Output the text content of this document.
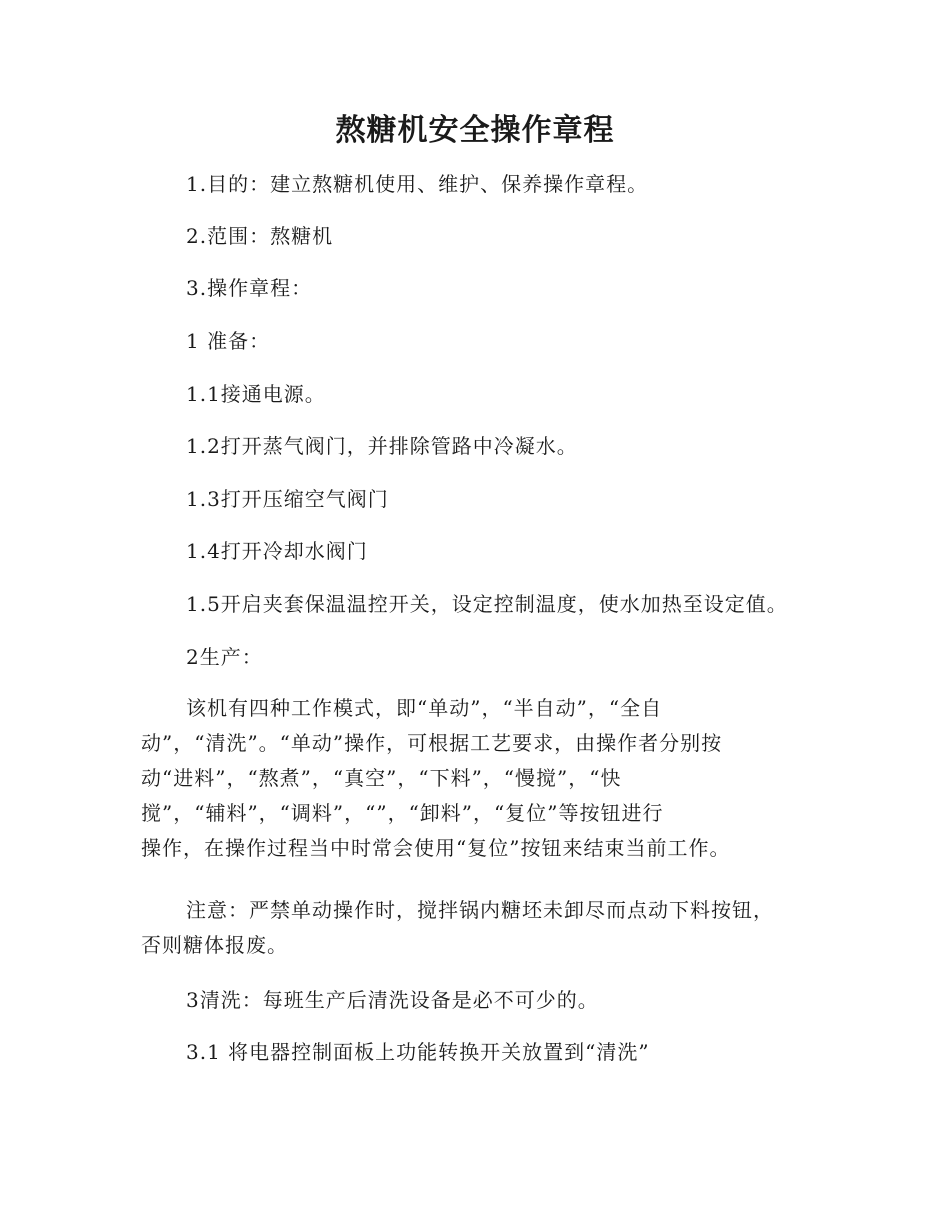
熬糖机安全操作章程
1.目的：建立熬糖机使用、维护、保养操作章程。
2.范围：熬糖机
3.操作章程：
1 准备：
1.1接通电源。
1.2打开蒸气阀门，并排除管路中冷凝水。
1.3打开压缩空气阀门
1.4打开冷却水阀门
1.5开启夹套保温温控开关，设定控制温度，使水加热至设定值。
2生产：
该机有四种工作模式，即“单动”，“半自动”，“全自
动”，“清洗”。“单动”操作，可根据工艺要求，由操作者分别按
动“进料”，“熬煮”，“真空”，“下料”，“慢搅”，“快
搅”，“辅料”，“调料”，“”，“卸料”，“复位”等按钮进行
操作，在操作过程当中时常会使用“复位”按钮来结束当前工作。
注意：严禁单动操作时，搅拌锅内糖坯未卸尽而点动下料按钮，
否则糖体报废。
3清洗：每班生产后清洗设备是必不可少的。
3.1 将电器控制面板上功能转换开关放置到“清洗”
